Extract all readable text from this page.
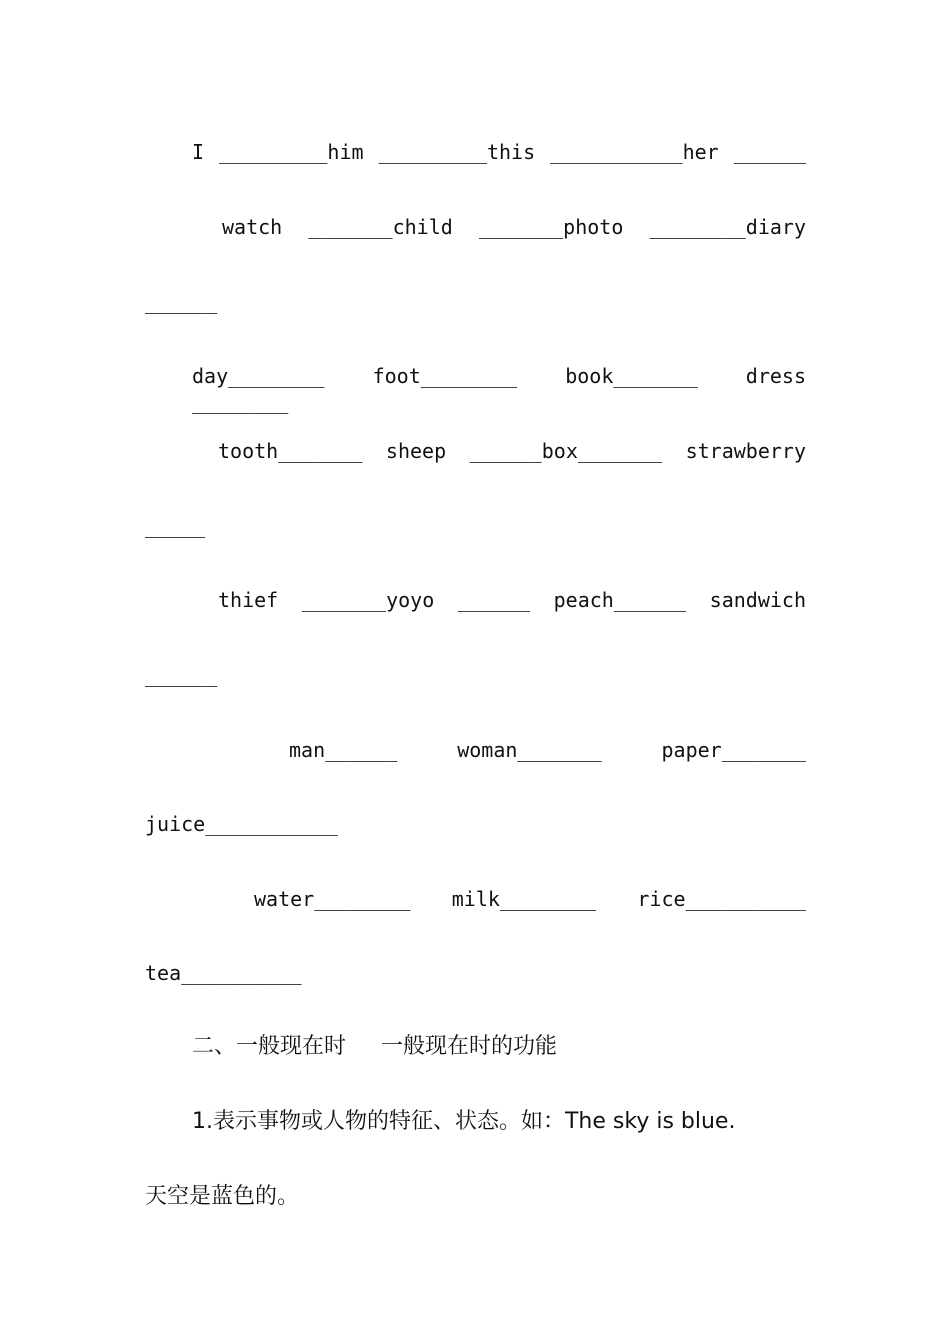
I _________him _________this ___________her ______
watch _______child _______photo ________diary
______
day________ foot________ book_______ dress ________
tooth_______ sheep ______box_______ strawberry
_____
thief _______yoyo ______ peach______ sandwich
______
man______ woman_______ paper_______
juice___________
water________ milk________ rice__________
tea__________
二、一般现在时     一般现在时的功能
1.表示事物或人物的特征、状态。如：The sky is blue.
天空是蓝色的。
